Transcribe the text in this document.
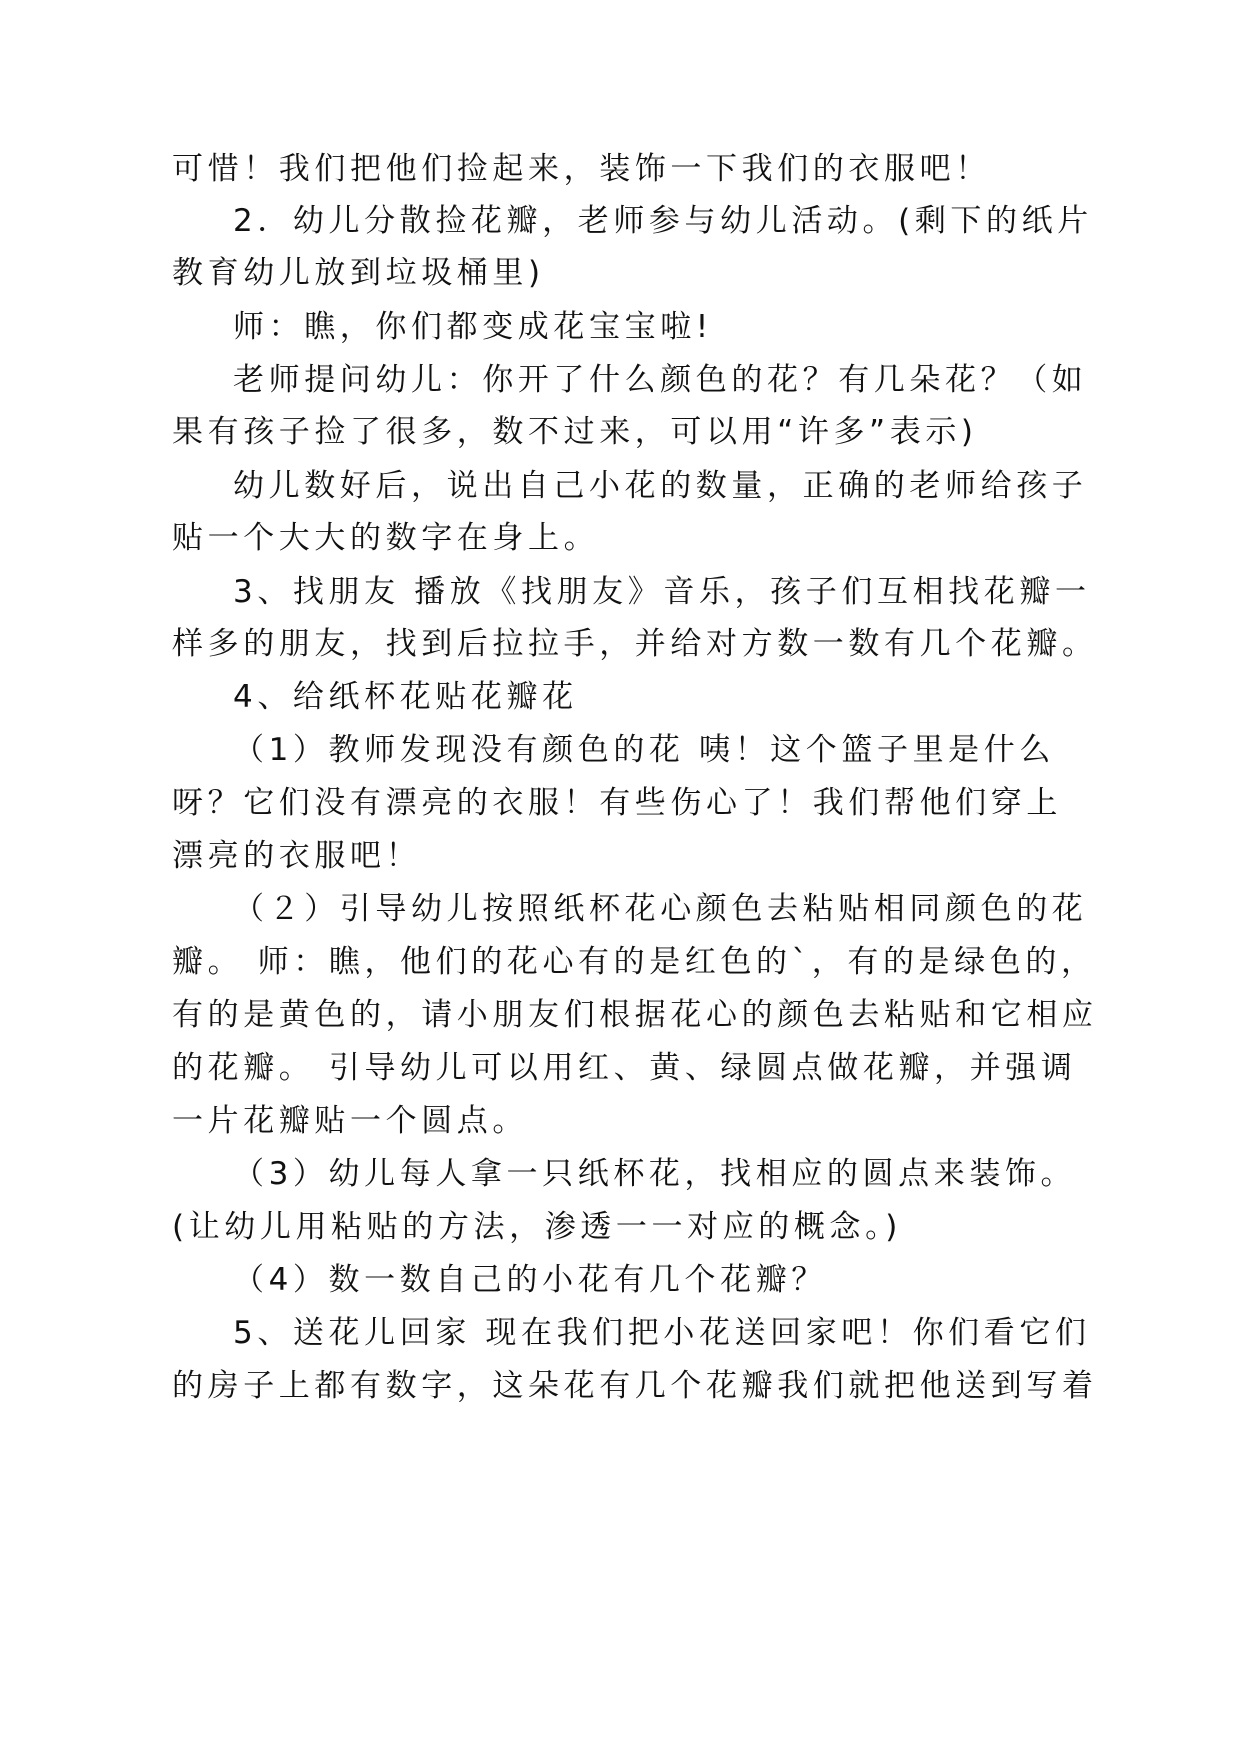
可惜！我们把他们捡起来，装饰一下我们的衣服吧！
2．幼儿分散捡花瓣，老师参与幼儿活动。(剩下的纸片
教育幼儿放到垃圾桶里)
师：瞧，你们都变成花宝宝啦!
老师提问幼儿：你开了什么颜色的花？有几朵花？（如
果有孩子捡了很多，数不过来，可以用“许多”表示)
幼儿数好后，说出自己小花的数量，正确的老师给孩子
贴一个大大的数字在身上。
3、找朋友 播放《找朋友》音乐，孩子们互相找花瓣一
样多的朋友，找到后拉拉手，并给对方数一数有几个花瓣。
4、给纸杯花贴花瓣花
（1）教师发现没有颜色的花 咦！这个篮子里是什么
呀？它们没有漂亮的衣服！有些伤心了！我们帮他们穿上
漂亮的衣服吧！
（２）引导幼儿按照纸杯花心颜色去粘贴相同颜色的花
瓣。 师：瞧，他们的花心有的是红色的`，有的是绿色的，
有的是黄色的，请小朋友们根据花心的颜色去粘贴和它相应
的花瓣。 引导幼儿可以用红、黄、绿圆点做花瓣，并强调
一片花瓣贴一个圆点。
（3）幼儿每人拿一只纸杯花，找相应的圆点来装饰。
(让幼儿用粘贴的方法，渗透一一对应的概念。)
（4）数一数自己的小花有几个花瓣？
5、送花儿回家 现在我们把小花送回家吧！你们看它们
的房子上都有数字，这朵花有几个花瓣我们就把他送到写着
